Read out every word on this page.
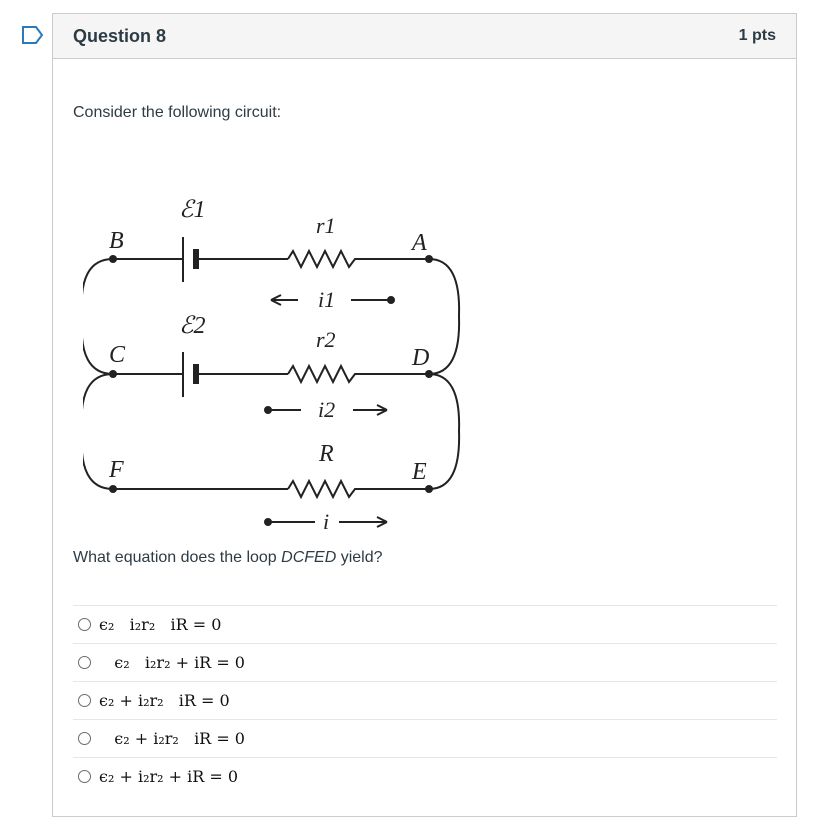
Question 8	1 pts
Consider the following circuit:
B	A
C	D
F	E
ℰ1
ℰ2
r1
r2
R
i1
i2
i
What equation does the loop DCFED yield?
ϵ₂   i₂r₂   iR = 0
ϵ₂   i₂r₂ + iR = 0
ϵ₂ + i₂r₂   iR = 0
ϵ₂ + i₂r₂   iR = 0
ϵ₂ + i₂r₂ + iR = 0
